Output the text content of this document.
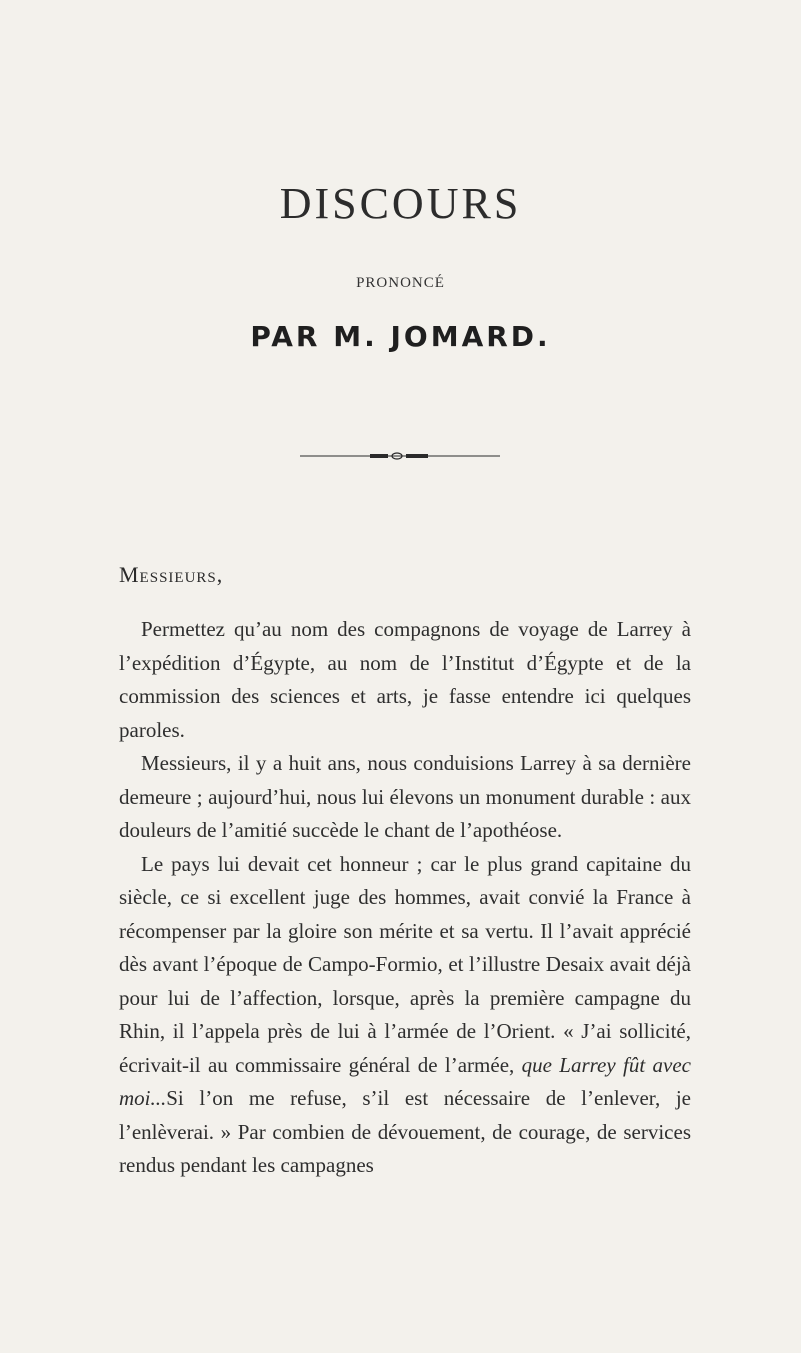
DISCOURS
PRONONCÉ
PAR M. JOMARD.
Messieurs,

Permettez qu’au nom des compagnons de voyage de Larrey à l’expédition d’Égypte, au nom de l’Institut d’Égypte et de la commission des sciences et arts, je fasse entendre ici quelques paroles.

Messieurs, il y a huit ans, nous conduisions Larrey à sa dernière demeure ; aujourd’hui, nous lui élevons un monument durable : aux douleurs de l’amitié succède le chant de l’apothéose.

Le pays lui devait cet honneur ; car le plus grand capitaine du siècle, ce si excellent juge des hommes, avait convié la France à récompenser par la gloire son mérite et sa vertu. Il l’avait apprécié dès avant l’époque de Campo-Formio, et l’illustre Desaix avait déjà pour lui de l’affection, lorsque, après la première campagne du Rhin, il l’appela près de lui à l’armée de l’Orient. « J’ai sollicité, écrivait-il au commissaire général de l’armée, que Larrey fût avec moi...Si l’on me refuse, s’il est nécessaire de l’enlever, je l’enlèverai. » Par combien de dévouement, de courage, de services rendus pendant les campagnes
